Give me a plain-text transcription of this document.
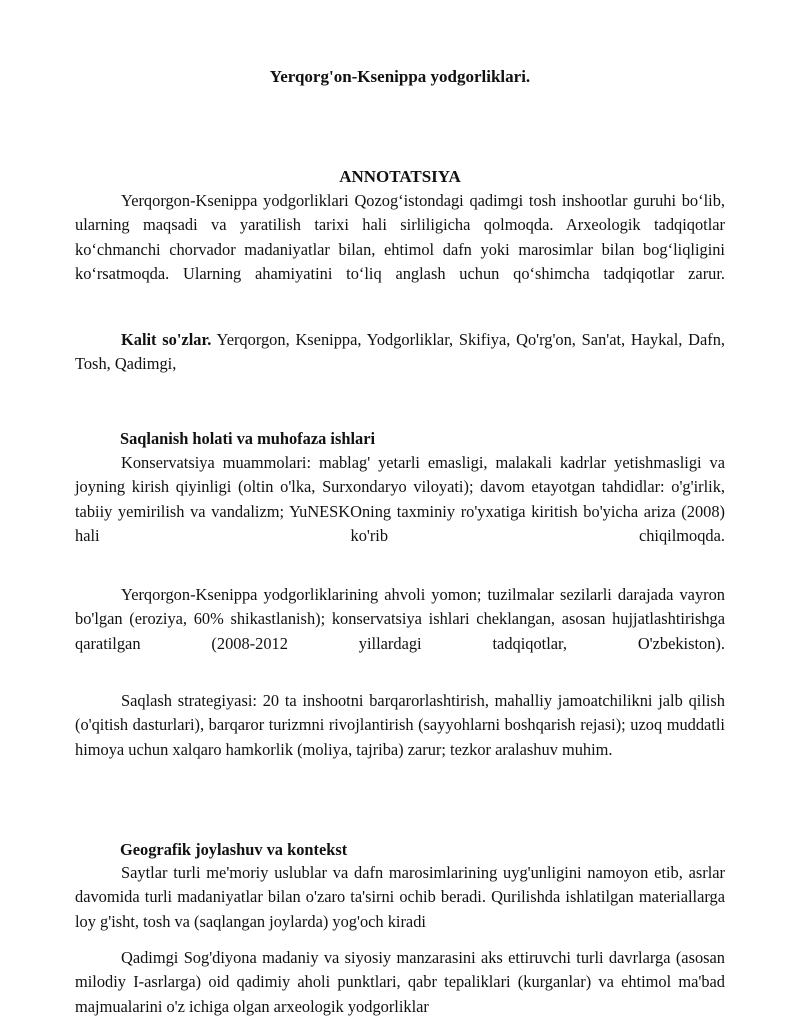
Yerqorg'on-Ksenippa yodgorliklari.
ANNOTATSIYA

Yerqorgon-Ksenippa yodgorliklari Qozog‘istondagi qadimgi tosh inshootlar guruhi bo‘lib, ularning maqsadi va yaratilish tarixi hali sirliligicha qolmoqda. Arxeologik tadqiqotlar ko‘chmanchi chorvador madaniyatlar bilan, ehtimol dafn yoki marosimlar bilan bog‘liqligini ko‘rsatmoqda. Ularning ahamiyatini to‘liq anglash uchun qo‘shimcha tadqiqotlar zarur.

Kalit so'zlar. Yerqorgon, Ksenippa, Yodgorliklar, Skifiya, Qo'rg'on, San'at, Haykal, Dafn, Tosh, Qadimgi,

Saqlanish holati va muhofaza ishlari

Konservatsiya muammolari: mablag' yetarli emasligi, malakali kadrlar yetishmasligi va joyning kirish qiyinligi (oltin o'lka, Surxondaryo viloyati); davom etayotgan tahdidlar: o'g'irlik, tabiiy yemirilish va vandalizm; YuNESKOning taxminiy ro'yxatiga kiritish bo'yicha ariza (2008) hali ko'rib chiqilmoqda.

Yerqorgon-Ksenippa yodgorliklarining ahvoli yomon; tuzilmalar sezilarli darajada vayron bo'lgan (eroziya, 60% shikastlanish); konservatsiya ishlari cheklangan, asosan hujjatlashtirishga qaratilgan (2008-2012 yillardagi tadqiqotlar, O'zbekiston).

Saqlash strategiyasi: 20 ta inshootni barqarorlashtirish, mahalliy jamoatchilikni jalb qilish (o'qitish dasturlari), barqaror turizmni rivojlantirish (sayyohlarni boshqarish rejasi); uzoq muddatli himoya uchun xalqaro hamkorlik (moliya, tajriba) zarur; tezkor aralashuv muhim.

Geografik joylashuv va kontekst

Saytlar turli me'moriy uslublar va dafn marosimlarining uyg'unligini namoyon etib, asrlar davomida turli madaniyatlar bilan o'zaro ta'sirni ochib beradi. Qurilishda ishlatilgan materiallarga loy g'isht, tosh va (saqlangan joylarda) yog'och kiradi

Qadimgi Sog'diyona madaniy va siyosiy manzarasini aks ettiruvchi turli davrlarga (asosan milodiy I-asrlarga) oid qadimiy aholi punktlari, qabr tepaliklari (kurganlar) va ehtimol ma'bad majmualarini o'z ichiga olgan arxeologik yodgorliklar
